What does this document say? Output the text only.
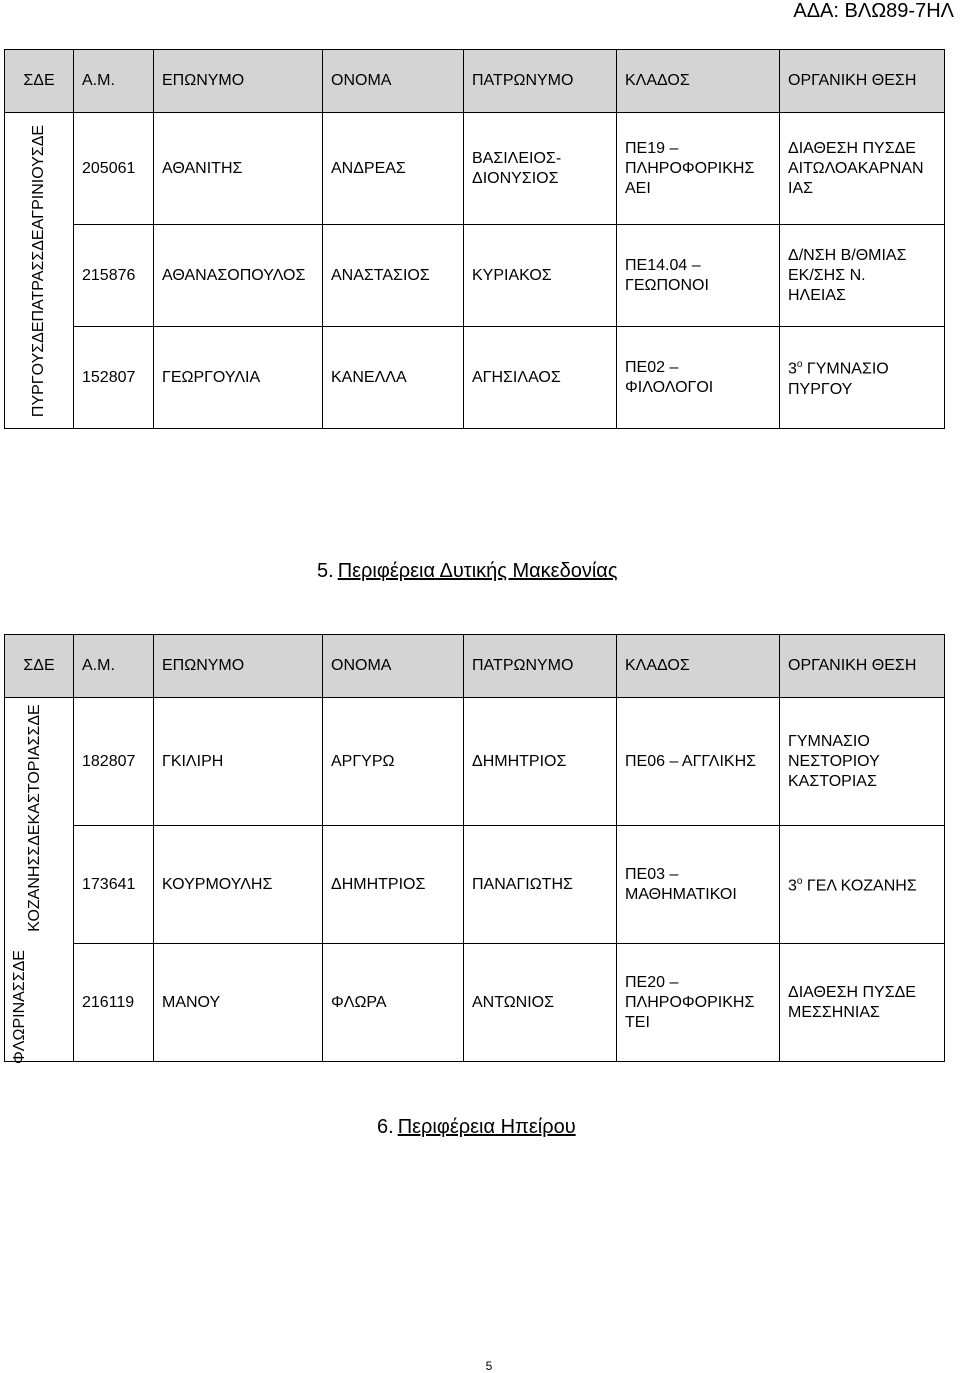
ΑΔΑ: ΒΛΩ89-7ΗΛ
ΣΔΕ	Α.Μ.	ΕΠΩΝΥΜΟ	ΟΝΟΜΑ	ΠΑΤΡΩΝΥΜΟ	ΚΛΑΔΟΣ	ΟΡΓΑΝΙΚΗ ΘΕΣΗ

ΠΥΡΓΟΥΣΔΕΠΑΤΡΑΣΣΔΕΑΓΡΙΝΙΟΥΣΔΕ	205061	ΑΘΑΝΙΤΗΣ	ΑΝΔΡΕΑΣ	ΒΑΣΙΛΕΙΟΣ-
ΔΙΟΝΥΣΙΟΣ	ΠΕ19 –
ΠΛΗΡΟΦΟΡΙΚΗΣ
ΑΕΙ	ΔΙΑΘΕΣΗ ΠΥΣΔΕ
ΑΙΤΩΛΟΑΚΑΡΝΑΝ
ΙΑΣ
	215876	ΑΘΑΝΑΣΟΠΟΥΛΟΣ	ΑΝΑΣΤΑΣΙΟΣ	ΚΥΡΙΑΚΟΣ	ΠΕ14.04 –
ΓΕΩΠΟΝΟΙ	Δ/ΝΣΗ Β/ΘΜΙΑΣ
ΕΚ/ΣΗΣ Ν.
ΗΛΕΙΑΣ
	152807	ΓΕΩΡΓΟΥΛΙΑ	ΚΑΝΕΛΛΑ	ΑΓΗΣΙΛΑΟΣ	ΠΕ02 –
ΦΙΛΟΛΟΓΟΙ	$3^o$ ΓΥΜΝΑΣΙΟ
ΠΥΡΓΟΥ
5. Περιφέρεια Δυτικής Μακεδονίας
ΣΔΕ		Α.Μ.	ΕΠΩΝΥΜΟ	ΟΝΟΜΑ	ΠΑΤΡΩΝΥΜΟ	ΚΛΑΔΟΣ	ΟΡΓΑΝΙΚΗ ΘΕΣΗ

ΦΛΩΡΙΝΑΣΣΔΕ	ΚΟΖΑΝΗΣΣΔΕΚΑΣΤΟΡΙΑΣΣΔΕ	182807	ΓΚΙΛΙΡΗ	ΑΡΓΥΡΩ	ΔΗΜΗΤΡΙΟΣ	ΠΕ06 – ΑΓΓΛΙΚΗΣ	ΓΥΜΝΑΣΙΟ
ΝΕΣΤΟΡΙΟΥ
ΚΑΣΤΟΡΙΑΣ
		173641	ΚΟΥΡΜΟΥΛΗΣ	ΔΗΜΗΤΡΙΟΣ	ΠΑΝΑΓΙΩΤΗΣ	ΠΕ03 –
ΜΑΘΗΜΑΤΙΚΟΙ	$3^o$ ΓΕΛ ΚΟΖΑΝΗΣ
		216119	ΜΑΝΟΥ	ΦΛΩΡΑ	ΑΝΤΩΝΙΟΣ	ΠΕ20 –
ΠΛΗΡΟΦΟΡΙΚΗΣ
ΤΕΙ	ΔΙΑΘΕΣΗ ΠΥΣΔΕ
ΜΕΣΣΗΝΙΑΣ
6. Περιφέρεια Ηπείρου
5
